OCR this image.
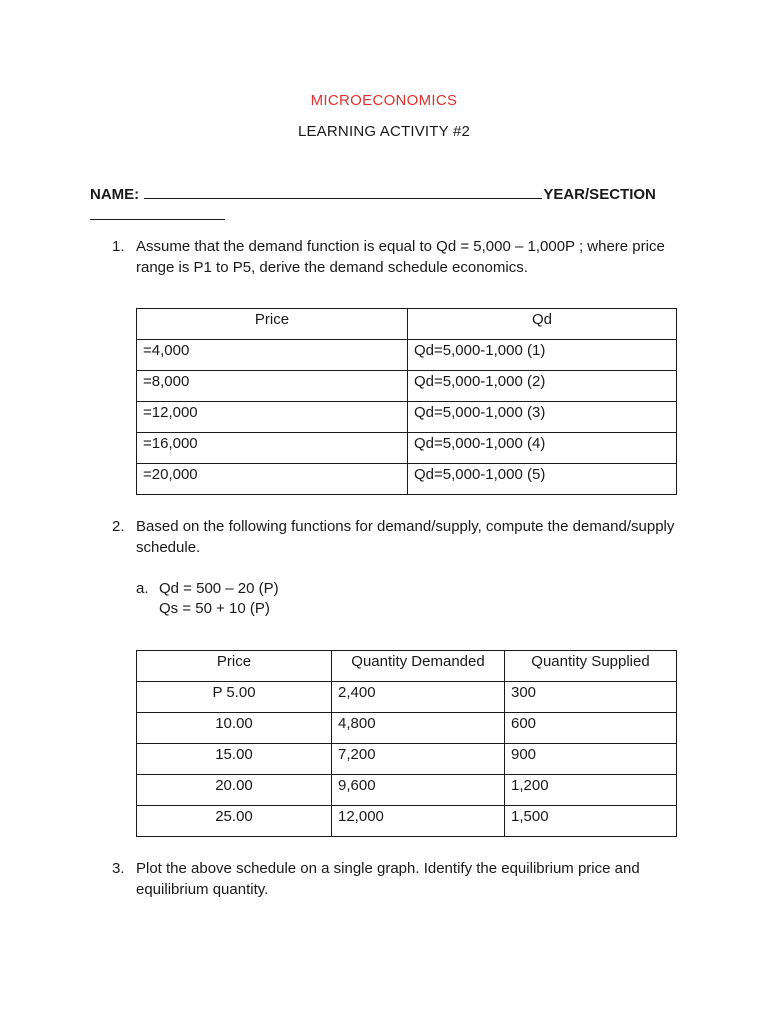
MICROECONOMICS
LEARNING ACTIVITY #2
NAME:	YEAR/SECTION
1. Assume that the demand function is equal to Qd = 5,000 – 1,000P ; where price range is P1 to P5, derive the demand schedule economics.
Price	Qd
=4,000	Qd=5,000-1,000 (1)
=8,000	Qd=5,000-1,000 (2)
=12,000	Qd=5,000-1,000 (3)
=16,000	Qd=5,000-1,000 (4)
=20,000	Qd=5,000-1,000 (5)
2. Based on the following functions for demand/supply, compute the demand/supply schedule.
a. Qd = 500 – 20 (P)
Qs = 50 + 10 (P)
Price	Quantity Demanded	Quantity Supplied
P 5.00	2,400	300
10.00	4,800	600
15.00	7,200	900
20.00	9,600	1,200
25.00	12,000	1,500
3. Plot the above schedule on a single graph. Identify the equilibrium price and equilibrium quantity.
